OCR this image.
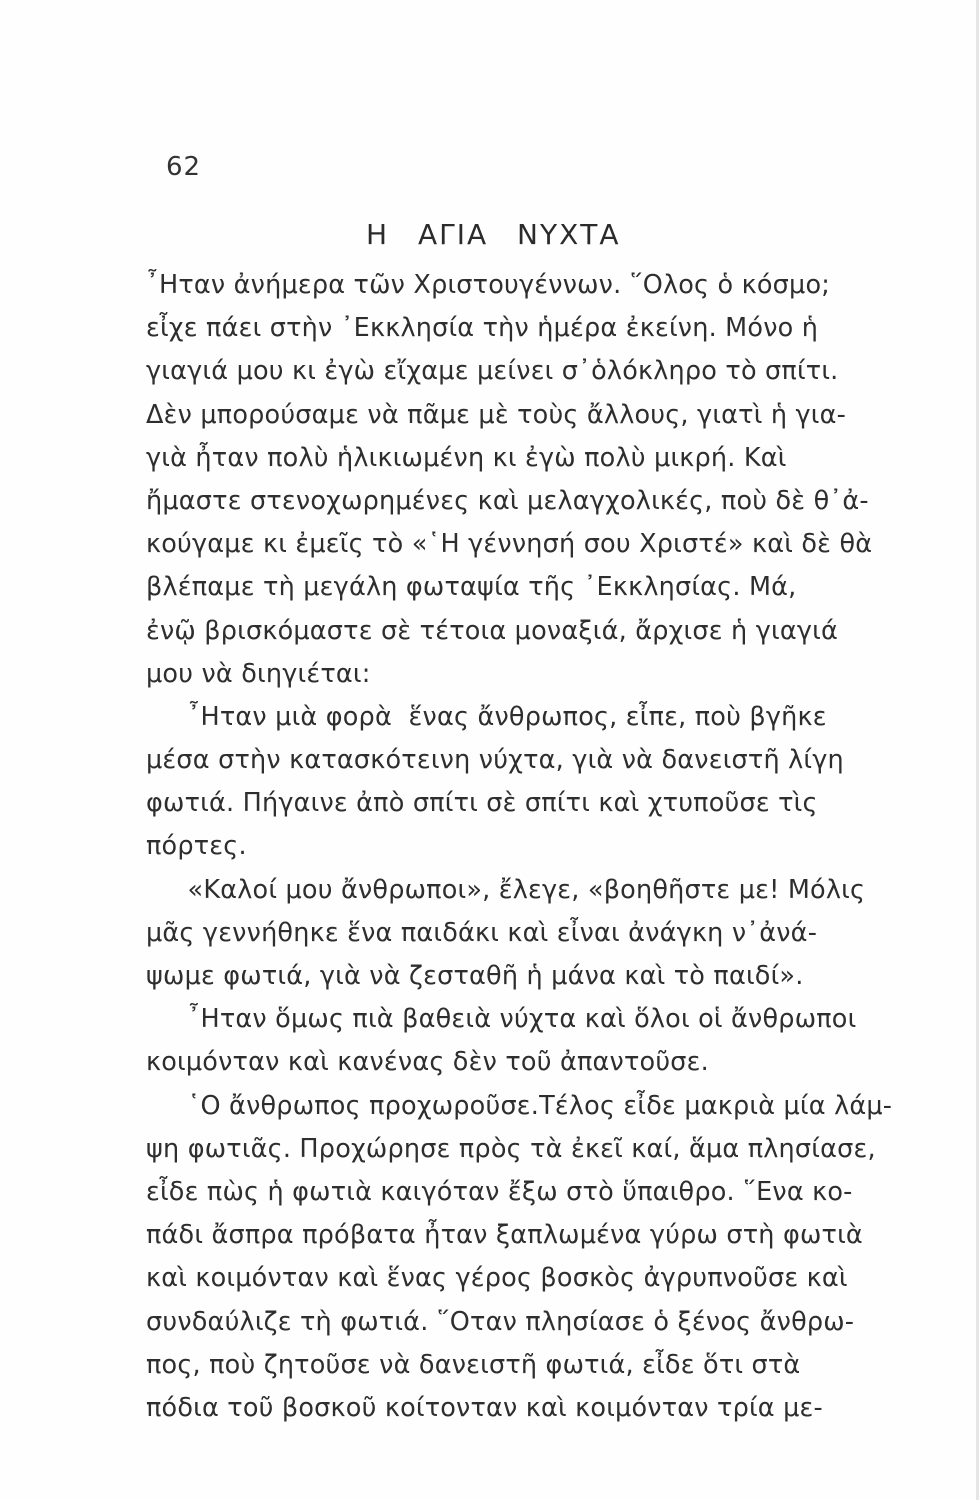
62
Η ΑΓΙΑ ΝΥΧΤΑ
῏Ηταν ἀνήμερα τῶν Χριστουγέννων. ῞Ολος ὁ κόσμο;
εἶχε πάει στὴν ᾿Εκκλησία τὴν ἡμέρα ἐκείνη. Μόνο ἡ
γιαγιά μου κι ἐγὼ εἴχαμε μείνει σ᾿ὁλόκληρο τὸ σπίτι.
Δὲν μπορούσαμε νὰ πᾶμε μὲ τοὺς ἄλλους, γιατὶ ἡ για-
γιὰ ἦταν πολὺ ἡλικιωμένη κι ἐγὼ πολὺ μικρή. Καὶ
ἤμαστε στενοχωρημένες καὶ μελαγχολικές, ποὺ δὲ θ᾿ἀ-
κούγαμε κι ἐμεῖς τὸ «῾Η γέννησή σου Χριστέ» καὶ δὲ θὰ
βλέπαμε τὴ μεγάλη φωταψία τῆς ᾿Εκκλησίας. Μά,
ἐνῷ βρισκόμαστε σὲ τέτοια μοναξιά, ἄρχισε ἡ γιαγιά
μου νὰ διηγιέται:
῏Ηταν μιὰ φορὰ  ἕνας ἄνθρωπος, εἶπε, ποὺ βγῆκε
μέσα στὴν κατασκότεινη νύχτα, γιὰ νὰ δανειστῆ λίγη
φωτιά. Πήγαινε ἀπὸ σπίτι σὲ σπίτι καὶ χτυποῦσε τὶς
πόρτες.
«Καλοί μου ἄνθρωποι», ἔλεγε, «βοηθῆστε με! Μόλις
μᾶς γεννήθηκε ἕνα παιδάκι καὶ εἶναι ἀνάγκη ν᾿ἀνά-
ψωμε φωτιά, γιὰ νὰ ζεσταθῆ ἡ μάνα καὶ τὸ παιδί».
῏Ηταν ὅμως πιὰ βαθειὰ νύχτα καὶ ὅλοι οἱ ἄνθρωποι
κοιμόνταν καὶ κανένας δὲν τοῦ ἀπαντοῦσε.
῾Ο ἄνθρωπος προχωροῦσε.Τέλος εἶδε μακριὰ μία λάμ-
ψη φωτιᾶς. Προχώρησε πρὸς τὰ ἐκεῖ καί, ἅμα πλησίασε,
εἶδε πὼς ἡ φωτιὰ καιγόταν ἔξω στὸ ὕπαιθρο. ῞Ενα κο-
πάδι ἄσπρα πρόβατα ἦταν ξαπλωμένα γύρω στὴ φωτιὰ
καὶ κοιμόνταν καὶ ἕνας γέρος βοσκὸς ἀγρυπνοῦσε καὶ
συνδαύλιζε τὴ φωτιά. ῞Οταν πλησίασε ὁ ξένος ἄνθρω-
πος, ποὺ ζητοῦσε νὰ δανειστῆ φωτιά, εἶδε ὅτι στὰ
πόδια τοῦ βοσκοῦ κοίτονταν καὶ κοιμόνταν τρία με-
